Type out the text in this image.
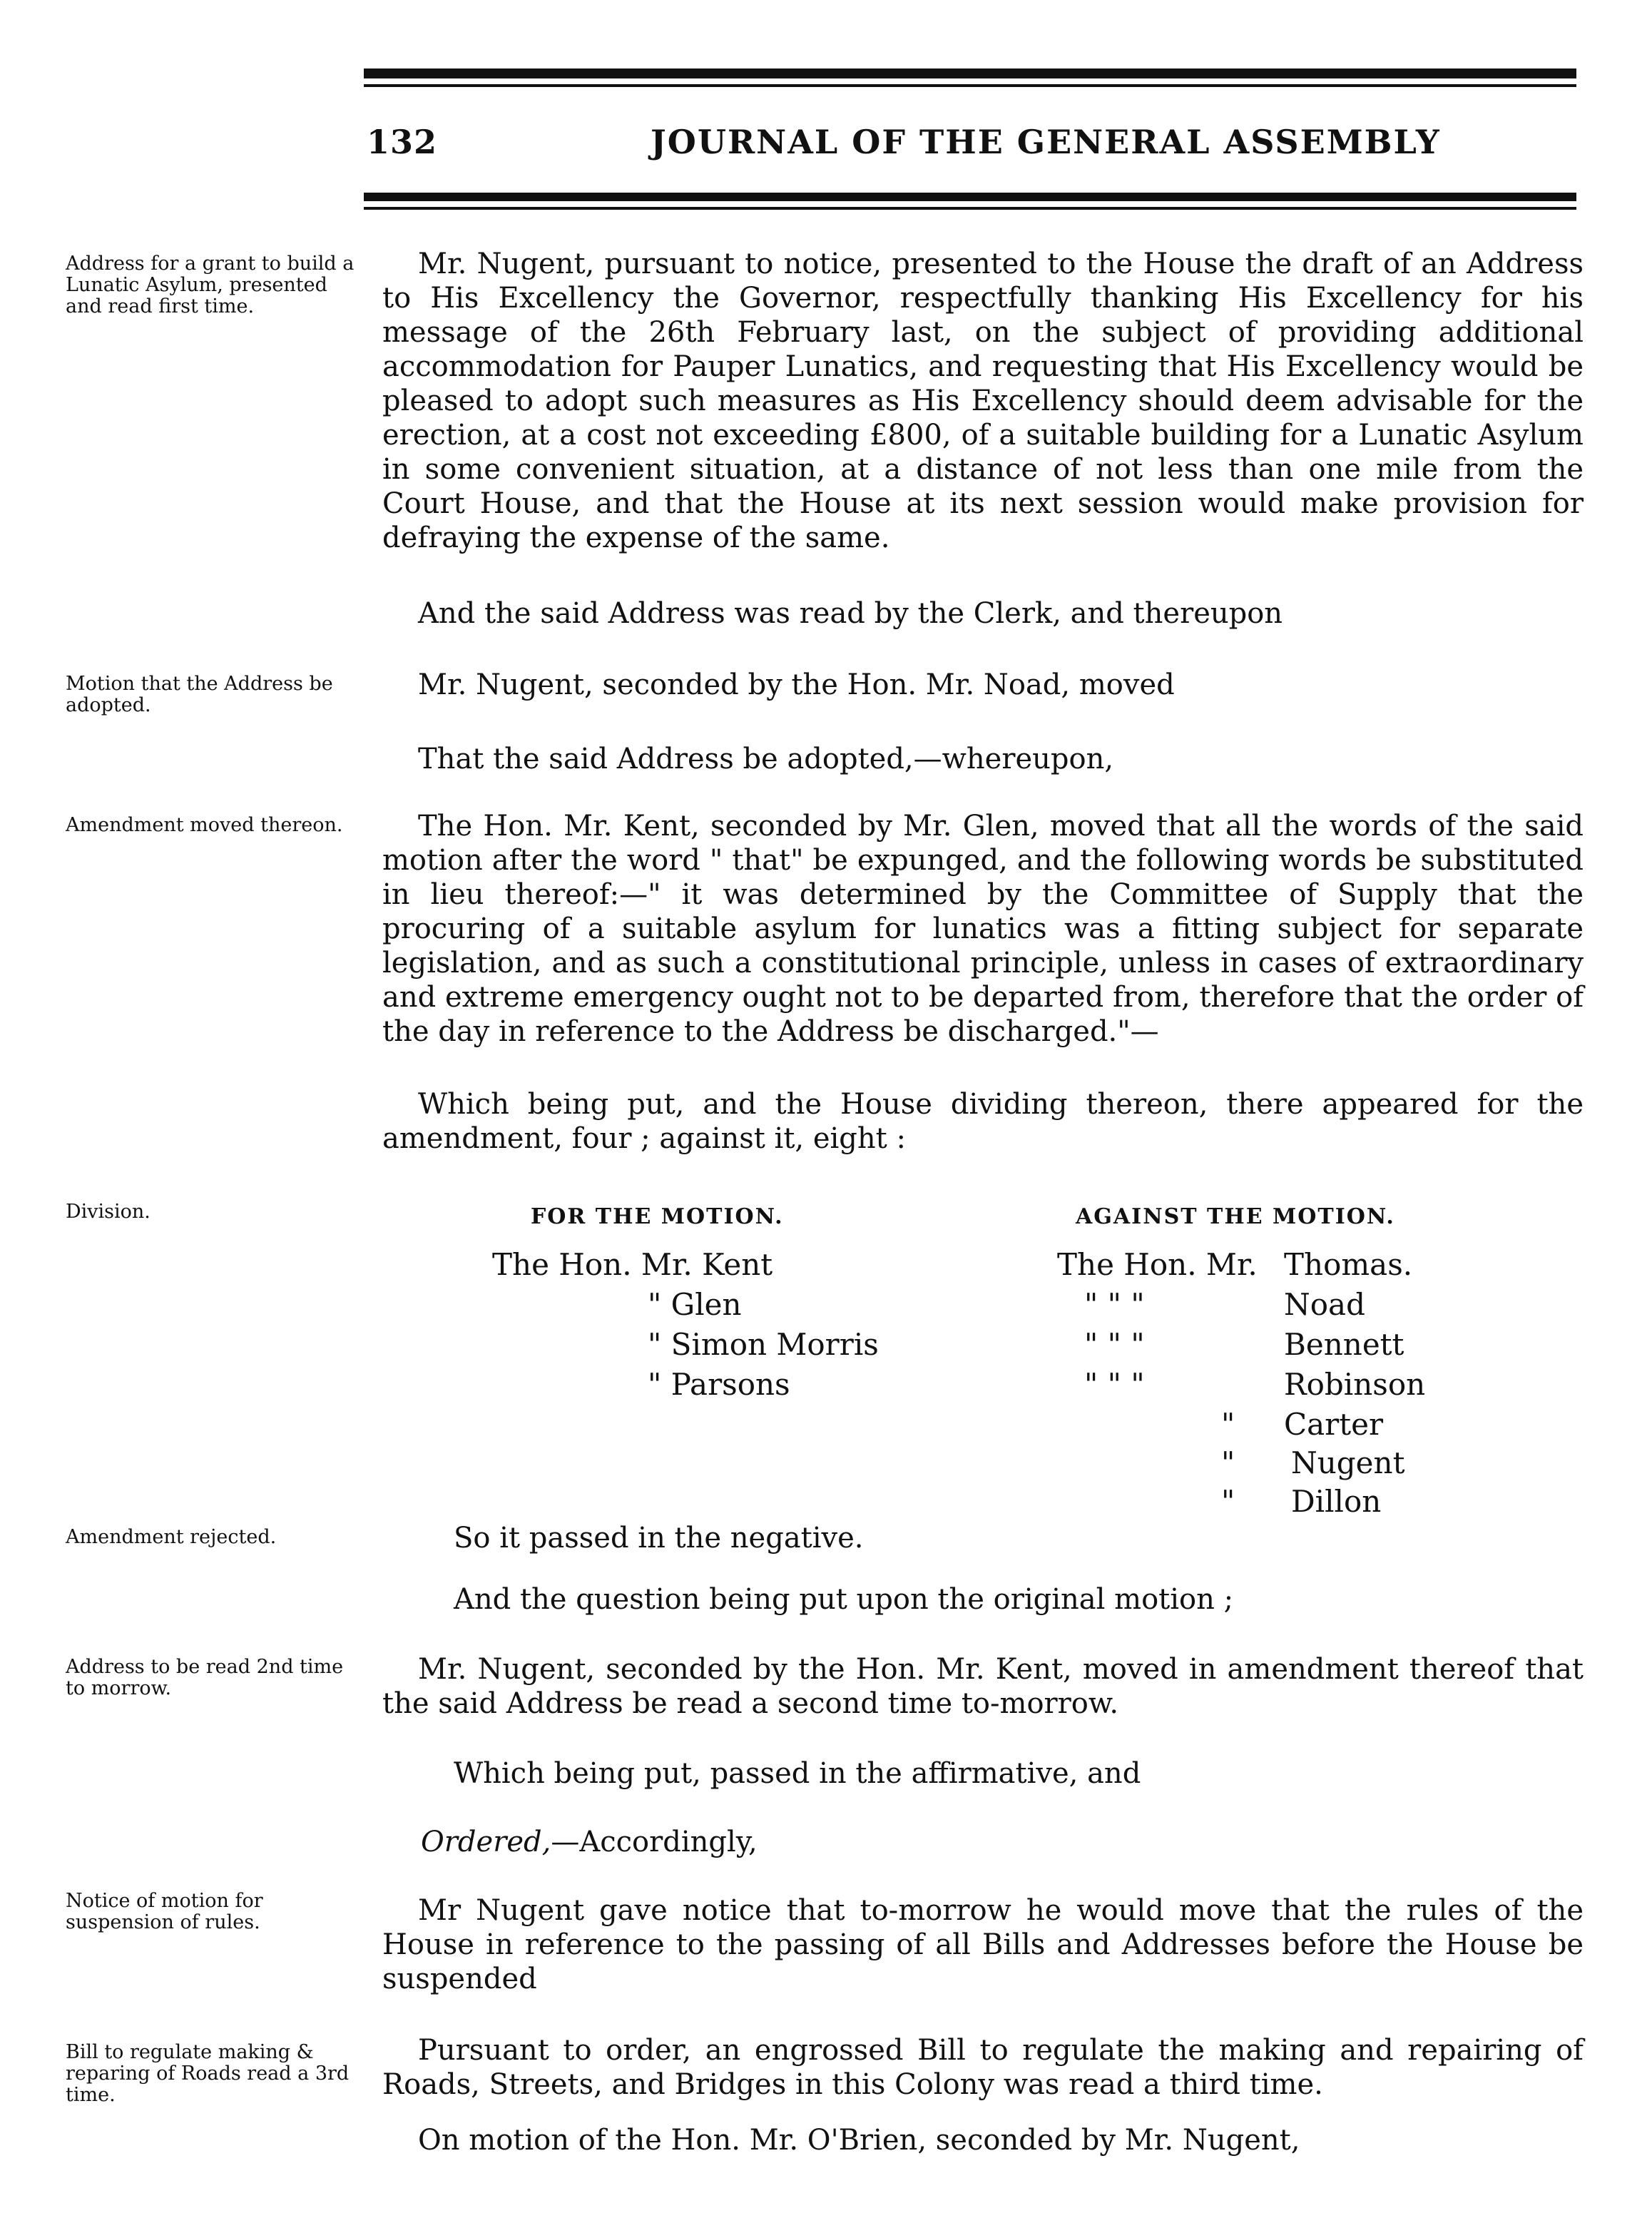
132	JOURNAL OF THE GENERAL ASSEMBLY
Address for a grant to build a Lunatic Asylum, presented and read first time.
Motion that the Address be adopted.
Amendment moved thereon.
Division.
Amendment rejected.
Address to be read 2nd time to morrow.
Notice of motion for suspension of rules.
Bill to regulate making & reparing of Roads read a 3rd time.
Mr. Nugent, pursuant to notice, presented to the House the draft of an Address to His Excellency the Governor, respectfully thanking His Excellency for his message of the 26th February last, on the subject of providing additional accommodation for Pauper Lunatics, and requesting that His Excellency would be pleased to adopt such measures as His Excellency should deem advisable for the erection, at a cost not exceeding £800, of a suitable building for a Lunatic Asylum in some convenient situation, at a distance of not less than one mile from the Court House, and that the House at its next session would make provision for defraying the expense of the same.
And the said Address was read by the Clerk, and thereupon
Mr. Nugent, seconded by the Hon. Mr. Noad, moved
That the said Address be adopted,—whereupon,
The Hon. Mr. Kent, seconded by Mr. Glen, moved that all the words of the said motion after the word " that" be expunged, and the following words be substituted in lieu thereof:—" it was determined by the Committee of Supply that the procuring of a suitable asylum for lunatics was a fitting subject for separate legislation, and as such a constitutional principle, unless in cases of extraordinary and extreme emergency ought not to be departed from, therefore that the order of the day in reference to the Address be discharged."—
Which being put, and the House dividing thereon, there appeared for the amendment, four ; against it, eight :
FOR THE MOTION.	AGAINST THE MOTION.
The Hon. Mr. Kent
" Glen
" Simon Morris
" Parsons
The Hon. Mr.
" " "
" " "
" " "
"
"
"
Thomas.
Noad
Bennett
Robinson
Carter
Nugent
Dillon
So it passed in the negative.
And the question being put upon the original motion ;
Mr. Nugent, seconded by the Hon. Mr. Kent, moved in amendment thereof that the said Address be read a second time to-morrow.
Which being put, passed in the affirmative, and
Ordered,—Accordingly,
Mr Nugent gave notice that to-morrow he would move that the rules of the House in reference to the passing of all Bills and Addresses before the House be suspended
Pursuant to order, an engrossed Bill to regulate the making and repairing of Roads, Streets, and Bridges in this Colony was read a third time.
On motion of the Hon. Mr. O'Brien, seconded by Mr. Nugent,
